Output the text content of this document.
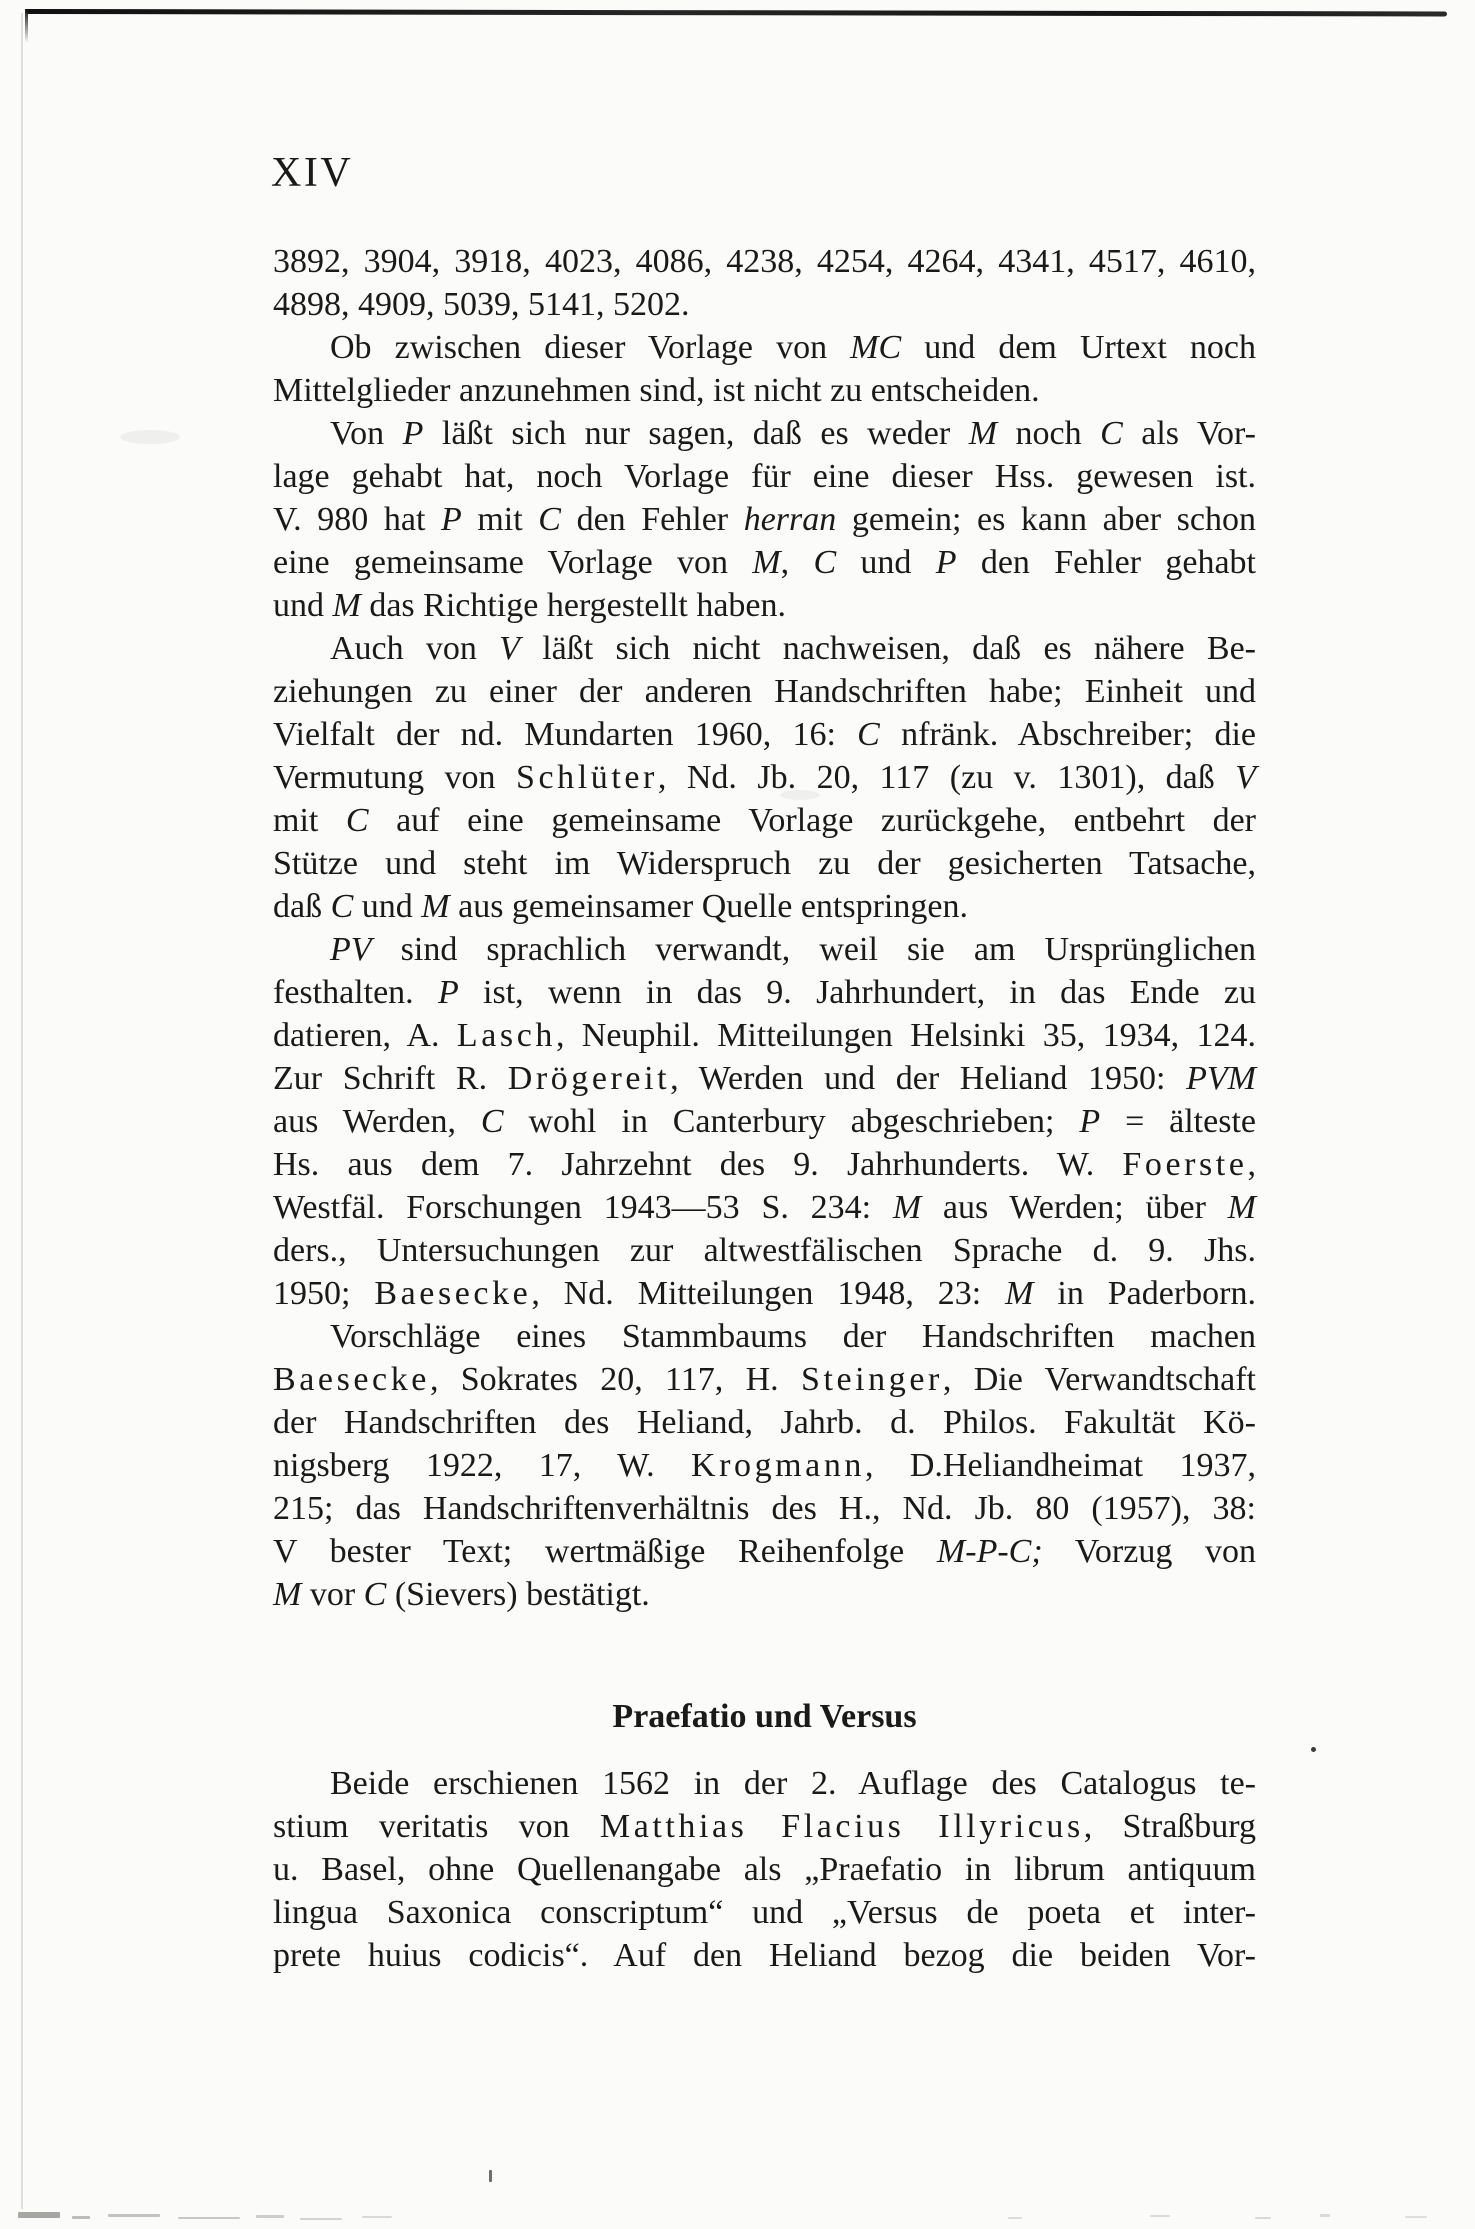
XIV
3892, 3904, 3918, 4023, 4086, 4238, 4254, 4264, 4341, 4517, 4610,
4898, 4909, 5039, 5141, 5202.
Ob zwischen dieser Vorlage von MC und dem Urtext noch
Mittelglieder anzunehmen sind, ist nicht zu entscheiden.
Von P läßt sich nur sagen, daß es weder M noch C als Vor-
lage gehabt hat, noch Vorlage für eine dieser Hss. gewesen ist.
V. 980 hat P mit C den Fehler herran gemein; es kann aber schon
eine gemeinsame Vorlage von M, C und P den Fehler gehabt
und M das Richtige hergestellt haben.
Auch von V läßt sich nicht nachweisen, daß es nähere Be-
ziehungen zu einer der anderen Handschriften habe; Einheit und
Vielfalt der nd. Mundarten 1960, 16: C nfränk. Abschreiber; die
Vermutung von Schlüter, Nd. Jb. 20, 117 (zu v. 1301), daß V
mit C auf eine gemeinsame Vorlage zurückgehe, entbehrt der
Stütze und steht im Widerspruch zu der gesicherten Tatsache,
daß C und M aus gemeinsamer Quelle entspringen.
PV sind sprachlich verwandt, weil sie am Ursprünglichen
festhalten. P ist, wenn in das 9. Jahrhundert, in das Ende zu
datieren, A. Lasch, Neuphil. Mitteilungen Helsinki 35, 1934, 124.
Zur Schrift R. Drögereit, Werden und der Heliand 1950: PVM
aus Werden, C wohl in Canterbury abgeschrieben; P = älteste
Hs. aus dem 7. Jahrzehnt des 9. Jahrhunderts. W. Foerste,
Westfäl. Forschungen 1943—53 S. 234: M aus Werden; über M
ders., Untersuchungen zur altwestfälischen Sprache d. 9. Jhs.
1950; Baesecke, Nd. Mitteilungen 1948, 23: M in Paderborn.
Vorschläge eines Stammbaums der Handschriften machen
Baesecke, Sokrates 20, 117, H. Steinger, Die Verwandtschaft
der Handschriften des Heliand, Jahrb. d. Philos. Fakultät Kö-
nigsberg 1922, 17, W. Krogmann, D.Heliandheimat 1937,
215; das Handschriftenverhältnis des H., Nd. Jb. 80 (1957), 38:
V bester Text; wertmäßige Reihenfolge M-P-C; Vorzug von
M vor C (Sievers) bestätigt.
Praefatio und Versus
Beide erschienen 1562 in der 2. Auflage des Catalogus te-
stium veritatis von Matthias Flacius Illyricus, Straßburg
u. Basel, ohne Quellenangabe als „Praefatio in librum antiquum
lingua Saxonica conscriptum“ und „Versus de poeta et inter-
prete huius codicis“. Auf den Heliand bezog die beiden Vor-
